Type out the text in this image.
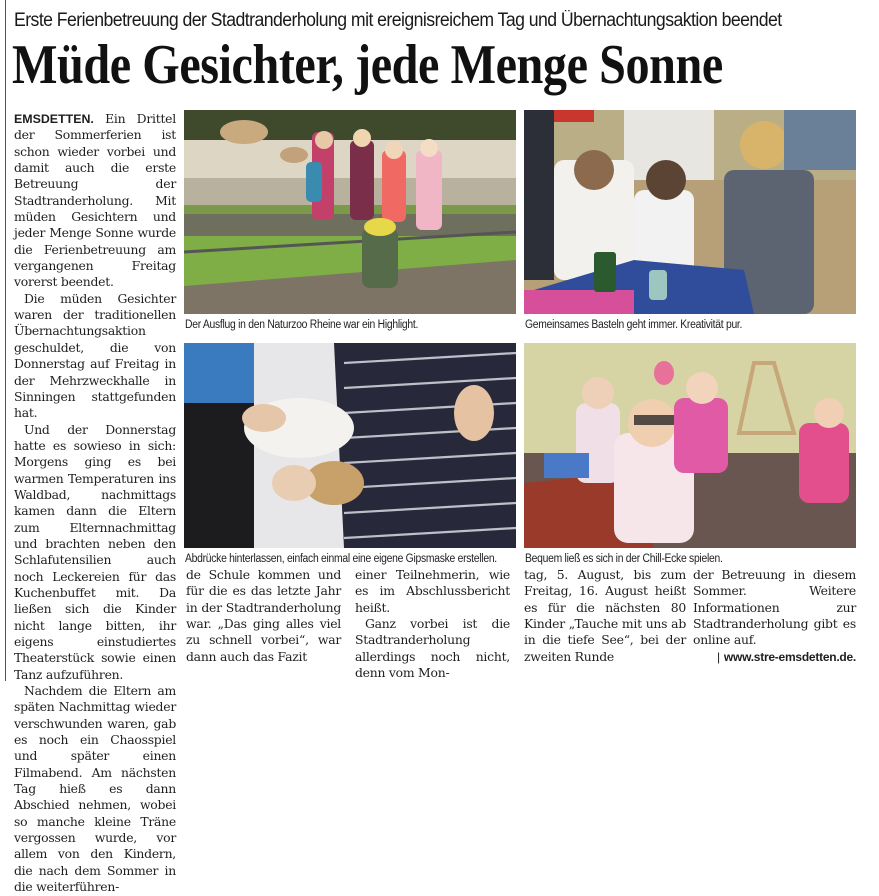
Erste Ferienbetreuung der Stadtranderholung mit ereignisreichem Tag und Übernachtungsaktion beendet
Müde Gesichter, jede Menge Sonne

EMSDETTEN. Ein Drittel der Sommerferien ist schon wieder vorbei und damit auch die erste Betreuung der Stadtranderholung. Mit müden Gesichtern und jeder Menge Sonne wurde die Ferienbetreuung am vergangenen Freitag vorerst beendet.

Die müden Gesichter waren der traditionellen Übernachtungsaktion geschuldet, die von Donnerstag auf Freitag in der Mehrzweckhalle in Sinningen stattgefunden hat.

Und der Donnerstag hatte es sowieso in sich: Morgens ging es bei warmen Temperaturen ins Waldbad, nachmittags kamen dann die Eltern zum Elternnachmittag und brachten neben den Schlafutensilien auch noch Leckereien für das Kuchenbuffet mit. Da ließen sich die Kinder nicht lange bitten, ihr eigens einstudiertes Theaterstück sowie einen Tanz aufzuführen.

Nachdem die Eltern am späten Nachmittag wieder verschwunden waren, gab es noch ein Chaosspiel und später einen Filmabend. Am nächsten Tag hieß es dann Abschied nehmen, wobei so manche kleine Träne vergossen wurde, vor allem von den Kindern, die nach dem Sommer in die weiterführen-

Der Ausflug in den Naturzoo Rheine war ein Highlight.	Gemeinsames Basteln geht immer. Kreativität pur.
Abdrücke hinterlassen, einfach einmal eine eigene Gipsmaske erstellen. Bequem ließ es sich in der Chill-Ecke spielen.

de Schule kommen und für die es das letzte Jahr in der Stadtranderholung war. „Das ging alles viel zu schnell vorbei“, war dann auch das Fazit

einer Teilnehmerin, wie es im Abschlussbericht heißt.

Ganz vorbei ist die Stadtranderholung allerdings noch nicht, denn vom Mon-

tag, 5. August, bis zum Freitag, 16. August heißt es für die nächsten 80 Kinder „Tauche mit uns ab in die tiefe See“, bei der zweiten Runde

der Betreuung in diesem Sommer. Weitere Informationen zur Stadtranderholung gibt es online auf.

| www.stre-emsdetten.de.
